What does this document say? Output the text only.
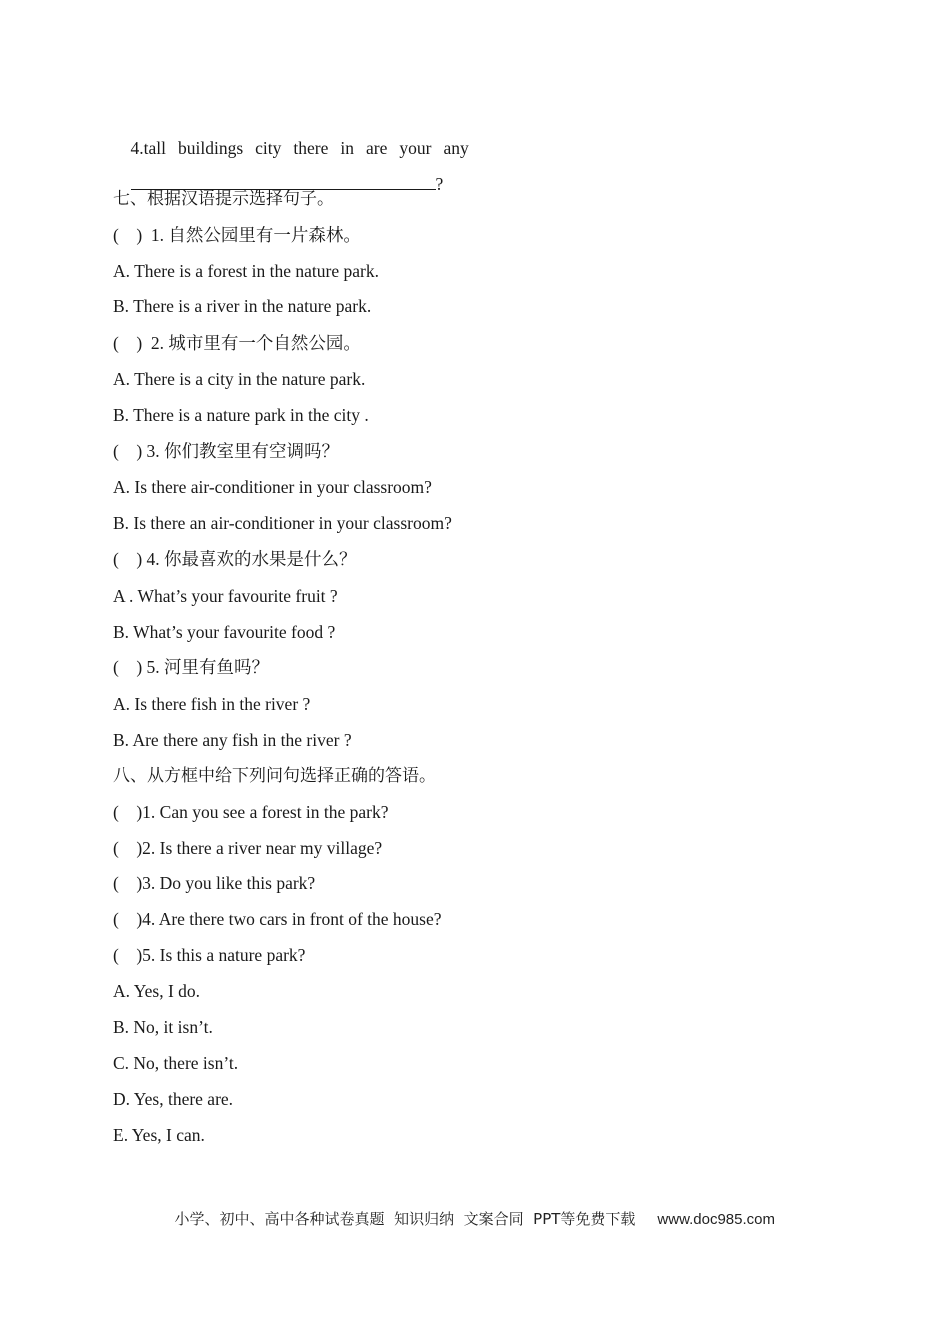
4.tall buildings city there in are your any

?

七、根据汉语提示选择句子。
(    )  1. 自然公园里有一片森林。
A. There is a forest in the nature park.
B. There is a river in the nature park.
(    )  2. 城市里有一个自然公园。
A. There is a city in the nature park.
B. There is a nature park in the city .
(    ) 3. 你们教室里有空调吗？
A. Is there air-conditioner in your classroom?
B. Is there an air-conditioner in your classroom?
(    ) 4. 你最喜欢的水果是什么？
A . What’s your favourite fruit ?
B. What’s your favourite food ?
(    ) 5. 河里有鱼吗？
A. Is there fish in the river ?
B. Are there any fish in the river ?
八、从方框中给下列问句选择正确的答语。
(    )1. Can you see a forest in the park?
(    )2. Is there a river near my village?
(    )3. Do you like this park?
(    )4. Are there two cars in front of the house?
(    )5. Is this a nature park?
A. Yes, I do.
B. No, it isn’t.
C. No, there isn’t.
D. Yes, there are.
E. Yes, I can.

小学、初中、高中各种试卷真题  知识归纳  文案合同  PPT等免费下载 www.doc985.com
